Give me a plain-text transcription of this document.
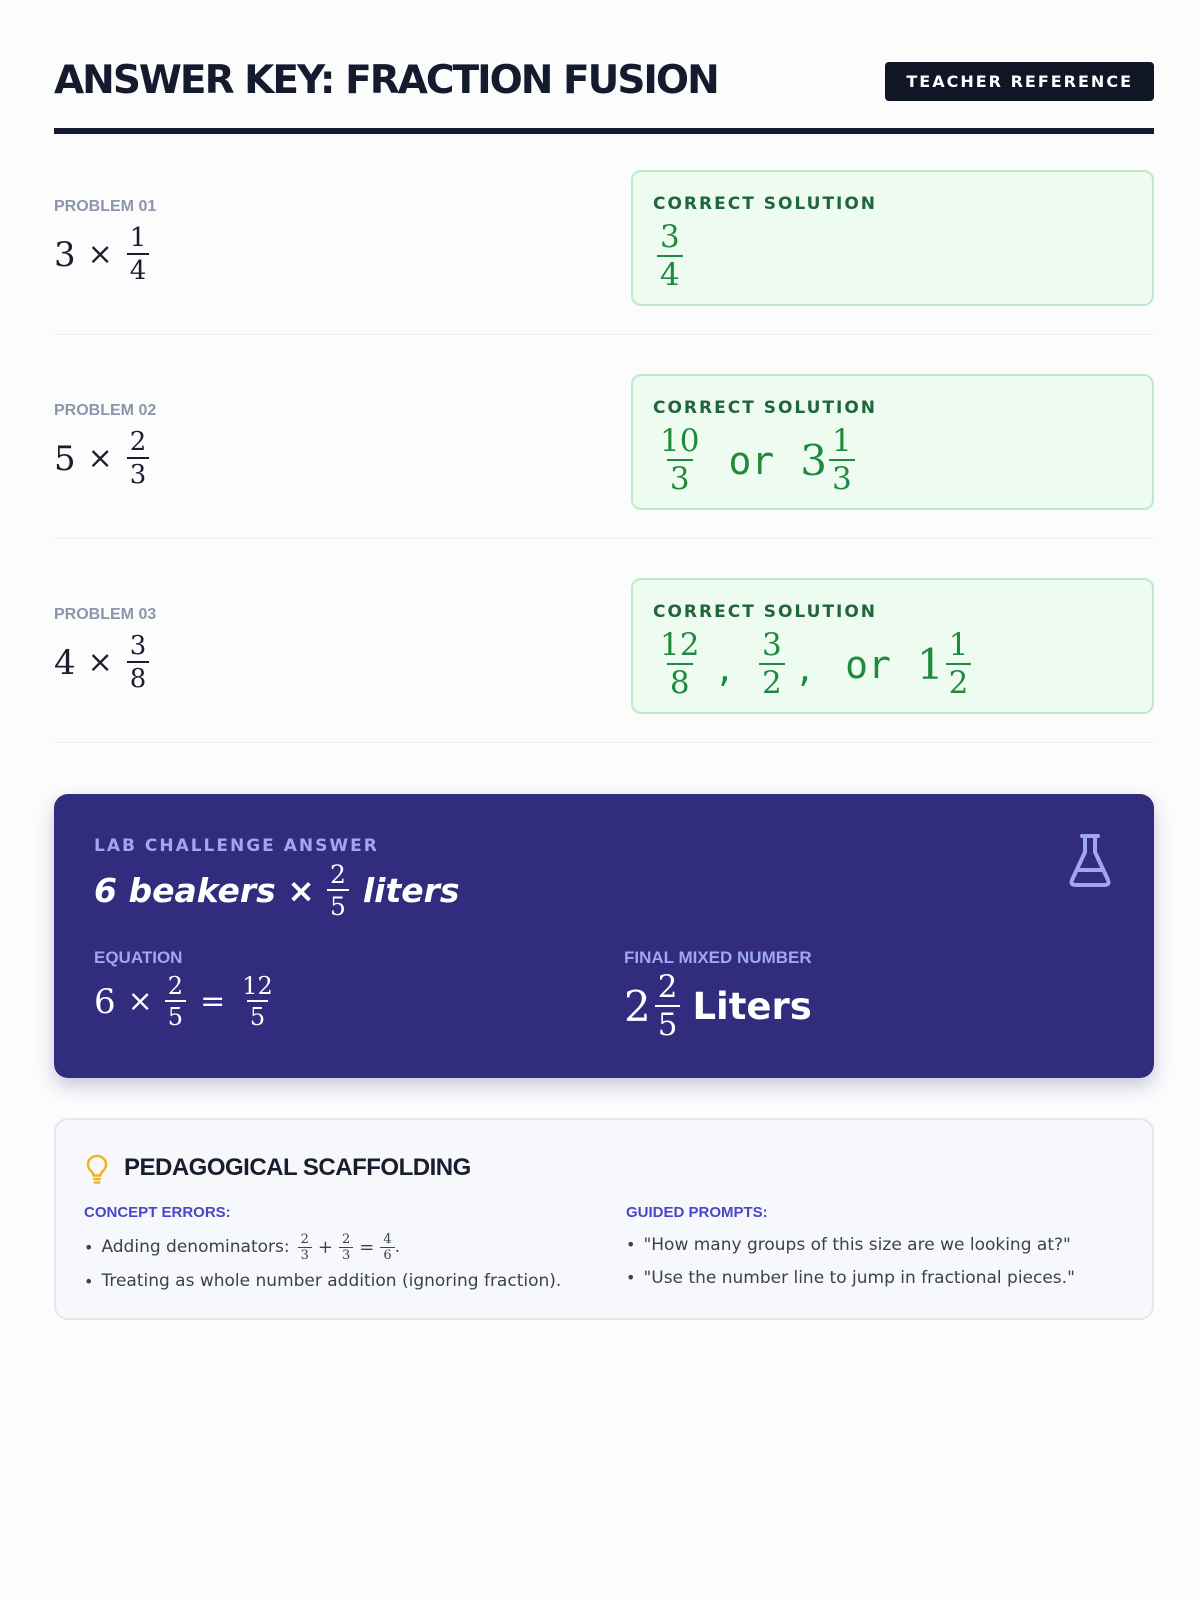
ANSWER KEY: FRACTION FUSION	TEACHER REFERENCE
PROBLEM 01
$3 \times \frac{1}{4}$
CORRECT SOLUTION
$\frac{3}{4}$
PROBLEM 02
$5 \times \frac{2}{3}$
CORRECT SOLUTION
$\frac{10}{3}$ or $3 \frac{1}{3}$
PROBLEM 03
$4 \times \frac{3}{8}$
CORRECT SOLUTION
$\frac{12}{8}$ , $\frac{3}{2}$ , or $1 \frac{1}{2}$
LAB CHALLENGE ANSWER
6 beakers × $\frac{2}{5}$ liters
EQUATION
$6 \times \frac{2}{5} = \frac{12}{5}$
FINAL MIXED NUMBER
$2 \frac{2}{5}$ Liters
PEDAGOGICAL SCAFFOLDING
CONCEPT ERRORS:
• Adding denominators: $\frac{2}{3} + \frac{2}{3} = \frac{4}{6}$ .
• Treating as whole number addition (ignoring fraction).
GUIDED PROMPTS:
• "How many groups of this size are we looking at?"
• "Use the number line to jump in fractional pieces."
